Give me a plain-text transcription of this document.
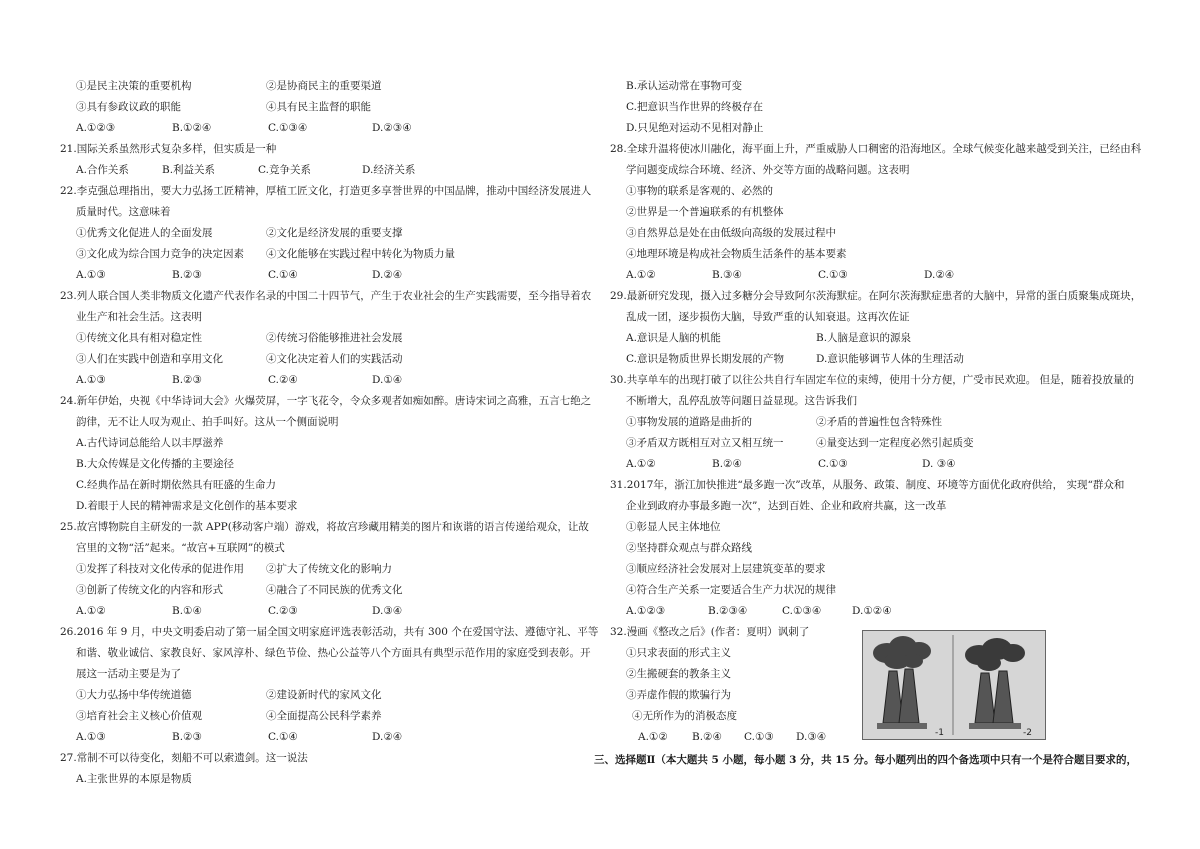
①是民主决策的重要机构	②是协商民主的重要渠道
③具有参政议政的职能	④具有民主监督的职能
A.①②③	B.①②④	C.①③④	D.②③④
21.国际关系虽然形式复杂多样，但实质是一种
A.合作关系	B.利益关系	C.竞争关系	D.经济关系
22.李克强总理指出，要大力弘扬工匠精神，厚植工匠文化，打造更多享誉世界的中国品牌，推动中国经济发展进人
质量时代。这意味着
①优秀文化促进人的全面发展	②文化是经济发展的重要支撑
③文化成为综合国力竞争的决定因素	④文化能够在实践过程中转化为物质力量
A.①③	B.②③	C.①④	D.②④
23.列人联合国人类非物质文化遗产代表作名录的中国二十四节气，产生于农业社会的生产实践需要，至今指导着农
业生产和社会生活。这表明
①传统文化具有相对稳定性	②传统习俗能够推进社会发展
③人们在实践中创造和享用文化	④文化决定着人们的实践活动
A.①③	B.②③	C.②④	D.①④
24.新年伊始，央视《中华诗词大会》火爆荧屏，一字飞花令，令众多观者如痴如醉。唐诗宋词之高雅，五言七绝之
韵律，无不让人叹为观止、拍手叫好。这从一个侧面说明
A.古代诗词总能给人以丰厚滋养
B.大众传媒是文化传播的主要途径
C.经典作品在新时期依然具有旺盛的生命力
D.着眼于人民的精神需求是文化创作的基本要求
25.故宫博物院自主研发的一款 APP(移动客户端）游戏，将故宫珍藏用精美的图片和诙谐的语言传递给观众，让故
宫里的文物“活”起来。“故宫+互联网”的模式
①发挥了科技对文化传承的促进作用	②扩大了传统文化的影响力
③创新了传统文化的内容和形式	④融合了不同民族的优秀文化
A.①②	B.①④	C.②③	D.③④
26.2016 年 9 月，中央文明委启动了第一届全国文明家庭评选表彰活动，共有 300 个在爱国守法、遵德守礼、平等
和谐、敬业诚信、家教良好、家风淳朴、绿色节俭、热心公益等八个方面具有典型示范作用的家庭受到表彰。开
展这一活动主要是为了
①大力弘扬中华传统道德	②建设新时代的家风文化
③培育社会主义核心价值观	④全面提高公民科学素养
A.①③	B.②③	C.①④	D.②④
27.常制不可以待变化，刻船不可以索遗剑。这一说法
A.主张世界的本原是物质
B.承认运动常在事物可变
C.把意识当作世界的终极存在
D.只见绝对运动不见相对静止
28.全球升温将使冰川融化，海平面上升，严重威胁人口稠密的沿海地区。全球气候变化越来越受到关注，已经由科
学问题变成综合环境、经济、外交等方面的战略问题。这表明
①事物的联系是客观的、必然的
②世界是一个普遍联系的有机整体
③自然界总是处在由低级向高级的发展过程中
④地理环境是构成社会物质生活条件的基本要素
A.①②	B.③④	C.①③	D.②④
29.最新研究发现，摄入过多糖分会导致阿尔茨海默症。在阿尔茨海默症患者的大脑中，异常的蛋白质聚集成斑块，
乱成一团，逐步损伤大脑，导致严重的认知衰退。这再次佐证
A.意识是人脑的机能	B.人脑是意识的源泉
C.意识是物质世界长期发展的产物	D.意识能够调节人体的生理活动
30.共享单车的出现打破了以往公共自行车固定车位的束缚，使用十分方便，广受市民欢迎。 但是，随着投放量的
不断增大，乱停乱放等问题日益显现。这告诉我们
①事物发展的道路是曲折的	②矛盾的普遍性包含特殊性
③矛盾双方既相互对立又相互统一	④量变达到一定程度必然引起质变
A.①②	B.②④	C.①③	D. ③④
31.2017年，浙江加快推进“最多跑一次”改革，从服务、政策、制度、环境等方面优化政府供给， 实现“群众和
企业到政府办事最多跑一次”，达到百姓、企业和政府共赢，这一改革
①彰显人民主体地位
②坚持群众观点与群众路线
③顺应经济社会发展对上层建筑变革的要求
④符合生产关系一定要适合生产力状况的规律
A.①②③	B.②③④	C.①③④	D.①②④
32.漫画《整改之后》(作者：夏明）讽刺了
①只求表面的形式主义
②生搬硬套的教条主义
③弄虚作假的欺骗行为
④无所作为的消极态度
A.①②	B.②④	C.①③	D.③④
三、选择题Ⅱ（本大题共 5 小题，每小题 3 分，共 15 分。每小题列出的四个备选项中只有一个是符合题目要求的，
-1	-2
